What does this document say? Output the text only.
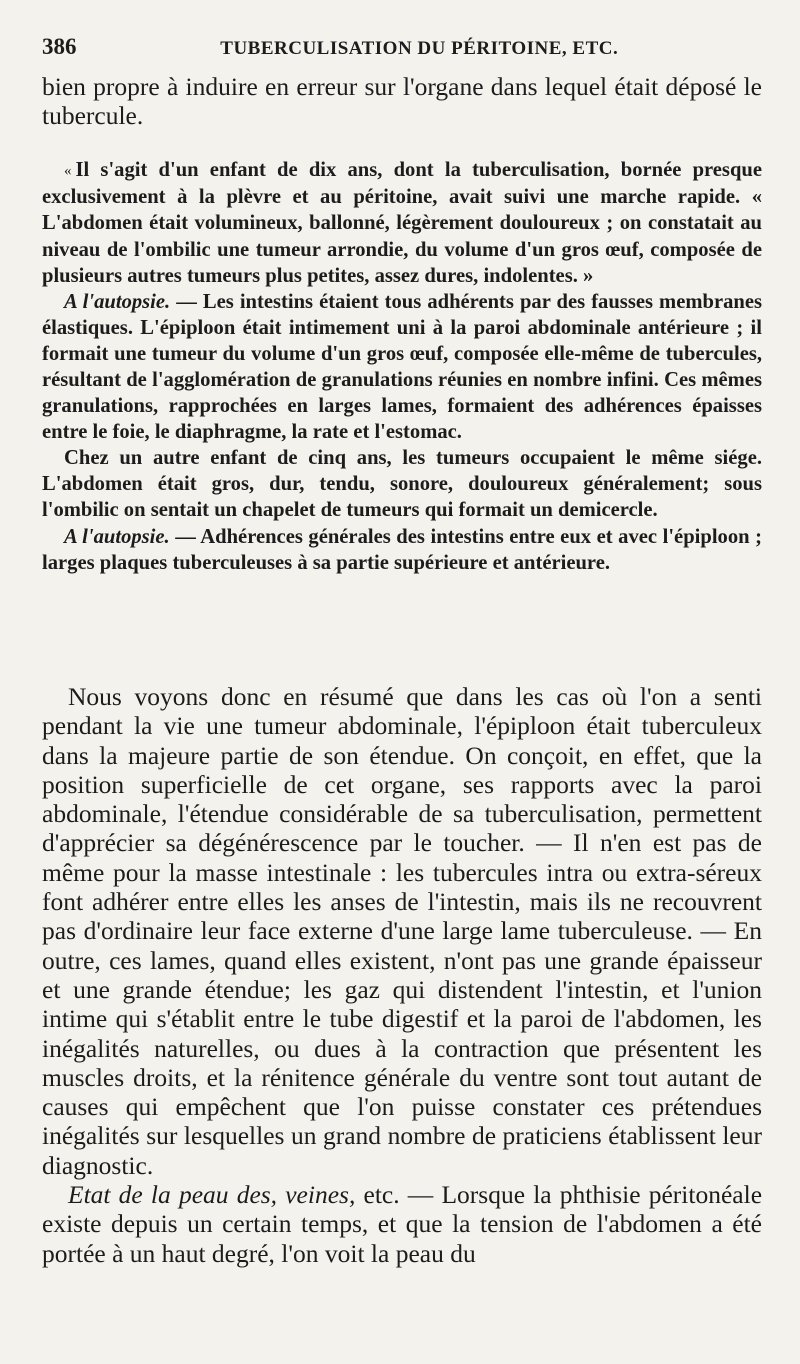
386	TUBERCULISATION DU PÉRITOINE, ETC.

bien propre à induire en erreur sur l'organe dans lequel était déposé le tubercule.

« Il s'agit d'un enfant de dix ans, dont la tuberculisation, bornée presque exclusivement à la plèvre et au péritoine, avait suivi une marche rapide. « L'abdomen était volumineux, ballonné, légèrement douloureux ; on constatait au niveau de l'ombilic une tumeur arrondie, du volume d'un gros œuf, composée de plusieurs autres tumeurs plus petites, assez dures, indolentes. »

A l'autopsie. — Les intestins étaient tous adhérents par des fausses membranes élastiques. L'épiploon était intimement uni à la paroi abdominale antérieure ; il formait une tumeur du volume d'un gros œuf, composée elle-même de tubercules, résultant de l'agglomération de granulations réunies en nombre infini. Ces mêmes granulations, rapprochées en larges lames, formaient des adhérences épaisses entre le foie, le diaphragme, la rate et l'estomac.

Chez un autre enfant de cinq ans, les tumeurs occupaient le même siége. L'abdomen était gros, dur, tendu, sonore, douloureux généralement; sous l'ombilic on sentait un chapelet de tumeurs qui formait un demicercle.

A l'autopsie. — Adhérences générales des intestins entre eux et avec l'épiploon ; larges plaques tuberculeuses à sa partie supérieure et antérieure.

Nous voyons donc en résumé que dans les cas où l'on a senti pendant la vie une tumeur abdominale, l'épiploon était tuberculeux dans la majeure partie de son étendue. On conçoit, en effet, que la position superficielle de cet organe, ses rapports avec la paroi abdominale, l'étendue considérable de sa tuberculisation, permettent d'apprécier sa dégénérescence par le toucher. — Il n'en est pas de même pour la masse intestinale : les tubercules intra ou extra-séreux font adhérer entre elles les anses de l'intestin, mais ils ne recouvrent pas d'ordinaire leur face externe d'une large lame tuberculeuse. — En outre, ces lames, quand elles existent, n'ont pas une grande épaisseur et une grande étendue; les gaz qui distendent l'intestin, et l'union intime qui s'établit entre le tube digestif et la paroi de l'abdomen, les inégalités naturelles, ou dues à la contraction que présentent les muscles droits, et la rénitence générale du ventre sont tout autant de causes qui empêchent que l'on puisse constater ces prétendues inégalités sur lesquelles un grand nombre de praticiens établissent leur diagnostic.

Etat de la peau des, veines, etc. — Lorsque la phthisie péritonéale existe depuis un certain temps, et que la tension de l'abdomen a été portée à un haut degré, l'on voit la peau du
